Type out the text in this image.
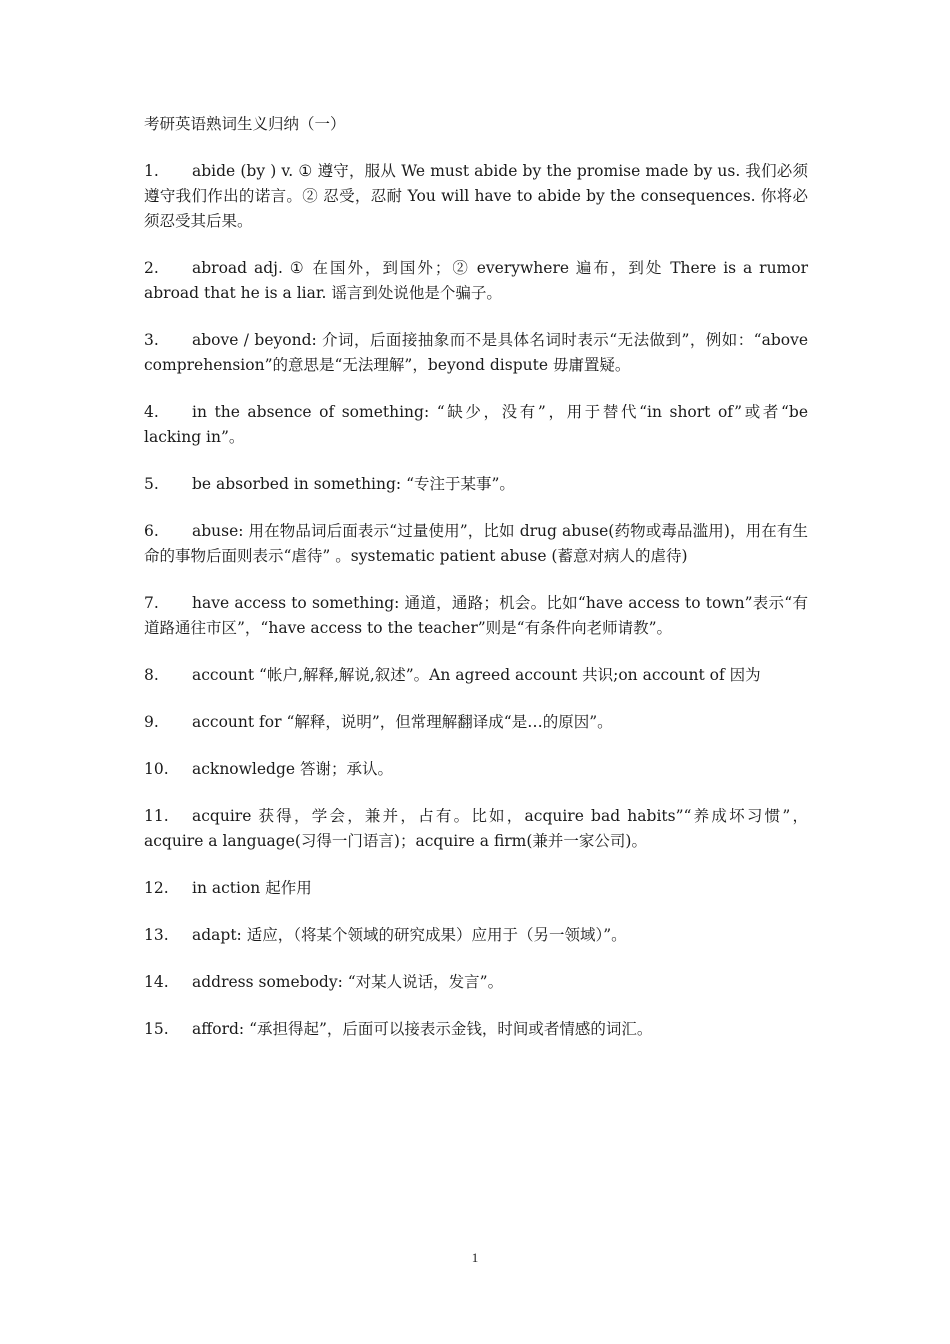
考研英语熟词生义归纳（一）
1. abide (by ) v. ① 遵守，服从 We must abide by the promise made by us. 我们必须遵守我们作出的诺言。② 忍受，忍耐 You will have to abide by the consequences. 你将必须忍受其后果。
2. abroad adj. ① 在国外，到国外；② everywhere 遍布，到处 There is a rumor abroad that he is a liar. 谣言到处说他是个骗子。
3. above / beyond: 介词，后面接抽象而不是具体名词时表示“无法做到”，例如：“above comprehension”的意思是“无法理解”，beyond dispute 毋庸置疑。
4. in the absence of something: “缺少，没有”，用于替代“in short of”或者“be lacking in”。
5. be absorbed in something: “专注于某事”。
6. abuse: 用在物品词后面表示“过量使用”，比如 drug abuse(药物或毒品滥用)，用在有生命的事物后面则表示“虐待” 。systematic patient abuse (蓄意对病人的虐待)
7. have access to something: 通道，通路；机会。比如“have access to town”表示“有道路通往市区”，“have access to the teacher”则是“有条件向老师请教”。
8. account “帐户,解释,解说,叙述”。An agreed account 共识;on account of 因为
9. account for “解释，说明”，但常理解翻译成“是…的原因”。
10. acknowledge 答谢；承认。
11. acquire 获得，学会，兼并，占有。比如，acquire bad habits”“养成坏习惯”，acquire a language(习得一门语言)；acquire a firm(兼并一家公司)。
12. in action 起作用
13. adapt: 适应，（将某个领域的研究成果）应用于（另一领域）”。
14. address somebody: “对某人说话，发言”。
15. afford: “承担得起”，后面可以接表示金钱，时间或者情感的词汇。
1
